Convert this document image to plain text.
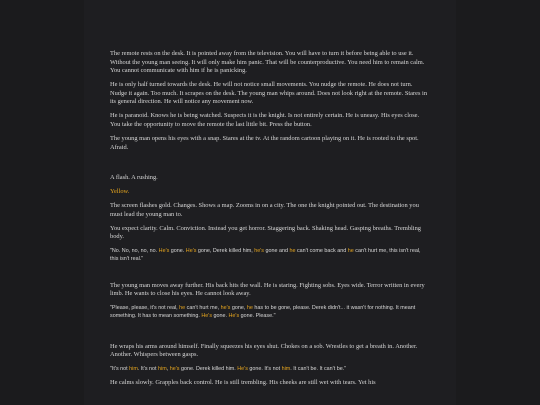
The remote rests on the desk. It is pointed away from the television. You will have to turn it before being able to use it. Without the young man seeing. It will only make him panic. That will be counterproductive. You need him to remain calm. You cannot communicate with him if he is panicking.

He is only half turned towards the desk. He will not notice small movements. You nudge the remote. He does not turn. Nudge it again. Too much. It scrapes on the desk. The young man whips around. Does not look right at the remote. Stares in its general direction. He will notice any movement now.

He is paranoid. Knows he is being watched. Suspects it is the knight. Is not entirely certain. He is uneasy. His eyes close. You take the opportunity to move the remote the last little bit. Press the button.

The young man opens his eyes with a snap. Stares at the tv. At the random cartoon playing on it. He is rooted to the spot. Afraid.

A flash. A rushing.

Yellow.

The screen flashes gold. Changes. Shows a map. Zooms in on a city. The one the knight pointed out. The destination you must lead the young man to.

You expect clarity. Calm. Conviction. Instead you get horror. Staggering back. Shaking head. Gasping breaths. Trembling body.

"No. No, no, no, no. He's gone. He's gone, Derek killed him, he's gone and he can't come back and he can't hurt me, this isn't real, this isn't real."

The young man moves away further. His back hits the wall. He is staring. Fighting sobs. Eyes wide. Terror written in every limb. He wants to close his eyes. He cannot look away.

"Please, please, it's not real, he can't hurt me, he's gone, he has to be gone, please. Derek didn't... it wasn't for nothing. It meant something. It has to mean something. He's gone. He's gone. Please."

He wraps his arms around himself. Finally squeezes his eyes shut. Chokes on a sob. Wrestles to get a breath in. Another. Another. Whispers between gasps.

"It's not him. It's not him, he's gone. Derek killed him. He's gone. It's not him. It can't be. It can't be."

He calms slowly. Grapples back control. He is still trembling. His cheeks are still wet with tears. Yet his
